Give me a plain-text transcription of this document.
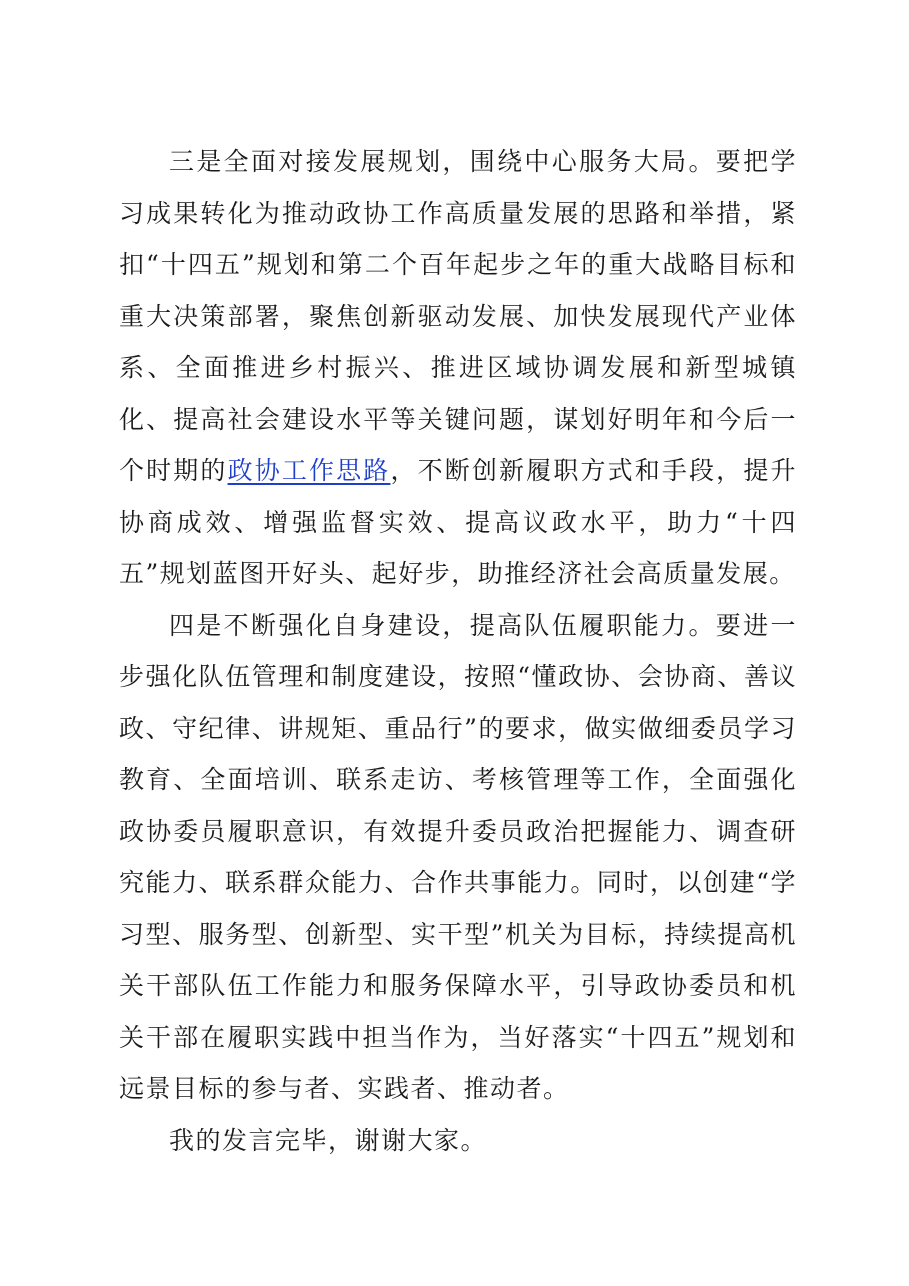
三是全面对接发展规划，围绕中心服务大局。要把学习成果转化为推动政协工作高质量发展的思路和举措，紧扣“十四五”规划和第二个百年起步之年的重大战略目标和重大决策部署，聚焦创新驱动发展、加快发展现代产业体系、全面推进乡村振兴、推进区域协调发展和新型城镇化、提高社会建设水平等关键问题，谋划好明年和今后一个时期的政协工作思路，不断创新履职方式和手段，提升协商成效、增强监督实效、提高议政水平，助力“十四五”规划蓝图开好头、起好步，助推经济社会高质量发展。

四是不断强化自身建设，提高队伍履职能力。要进一步强化队伍管理和制度建设，按照“懂政协、会协商、善议政、守纪律、讲规矩、重品行”的要求，做实做细委员学习教育、全面培训、联系走访、考核管理等工作，全面强化政协委员履职意识，有效提升委员政治把握能力、调查研究能力、联系群众能力、合作共事能力。同时，以创建“学习型、服务型、创新型、实干型”机关为目标，持续提高机关干部队伍工作能力和服务保障水平，引导政协委员和机关干部在履职实践中担当作为，当好落实“十四五”规划和远景目标的参与者、实践者、推动者。

我的发言完毕，谢谢大家。
